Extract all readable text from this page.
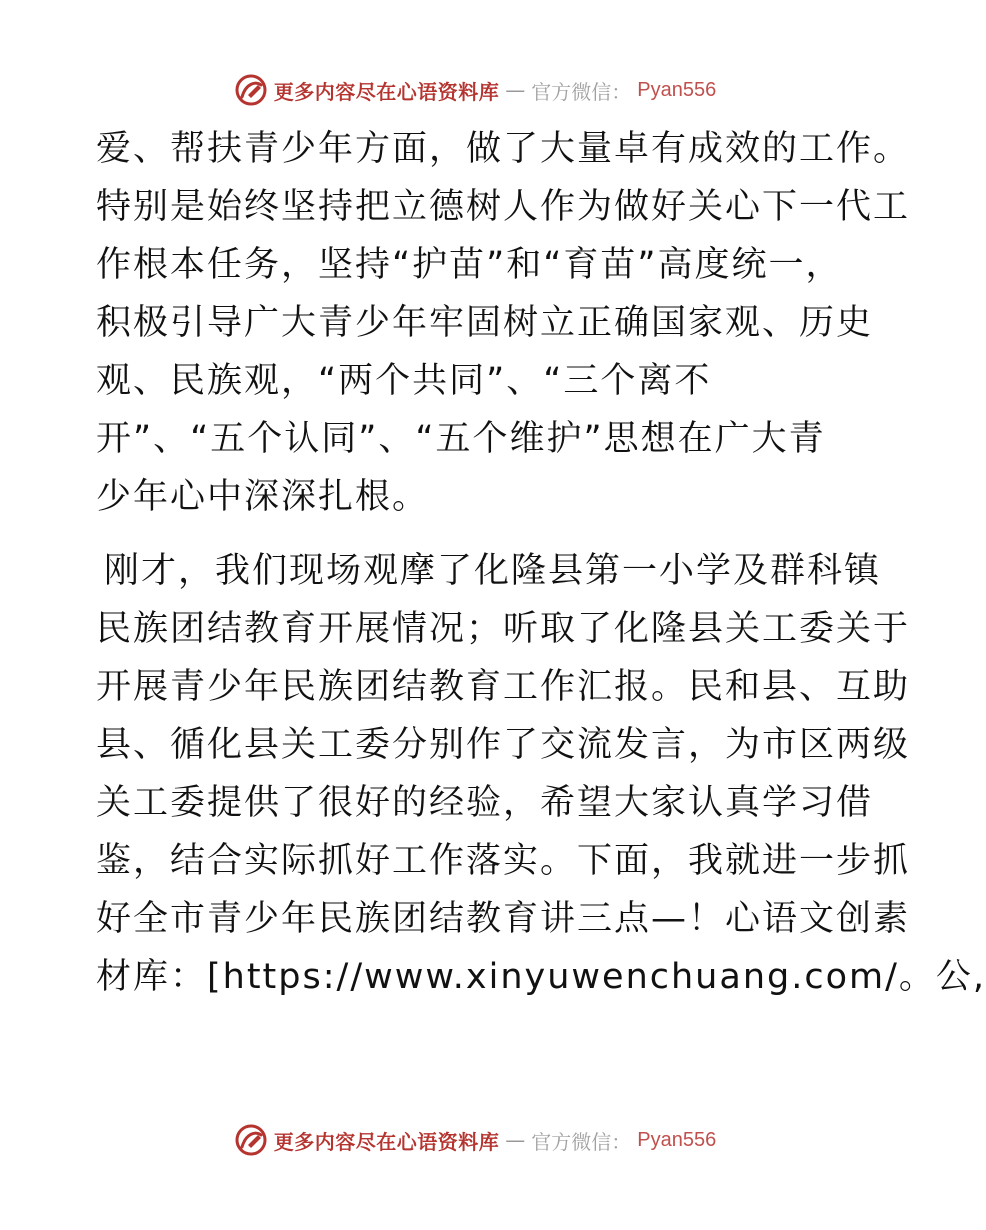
更多内容尽在心语资料库 — 官方微信： Pyan556
爱、帮扶青少年方面，做了大量卓有成效的工作。
特别是始终坚持把立德树人作为做好关心下一代工
作根本任务，坚持“护苗”和“育苗”高度统一，
积极引导广大青少年牢固树立正确国家观、历史
观、民族观，“两个共同”、“三个离不
开”、“五个认同”、“五个维护”思想在广大青
少年心中深深扎根。
刚才，我们现场观摩了化隆县第一小学及群科镇
民族团结教育开展情况；听取了化隆县关工委关于
开展青少年民族团结教育工作汇报。民和县、互助
县、循化县关工委分别作了交流发言，为市区两级
关工委提供了很好的经验，希望大家认真学习借
鉴，结合实际抓好工作落实。下面，我就进一步抓
好全市青少年民族团结教育讲三点—！心语文创素
材库：[https://www.xinyuwenchuang.com/。公,
更多内容尽在心语资料库 — 官方微信： Pyan556
